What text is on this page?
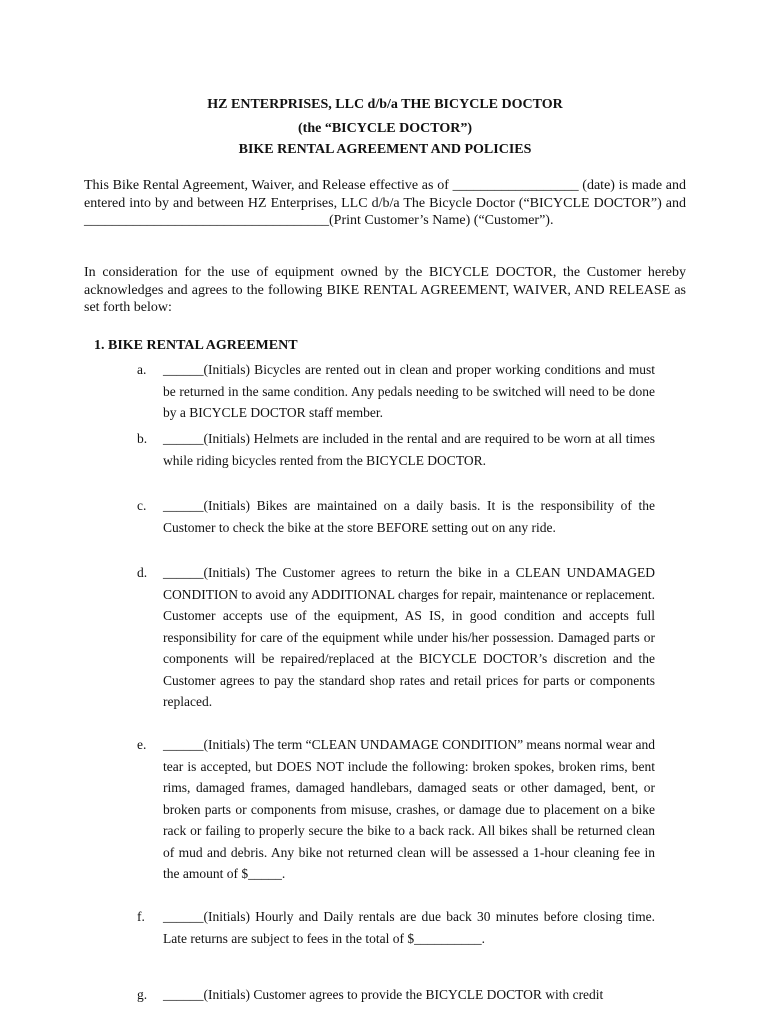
HZ ENTERPRISES, LLC d/b/a THE BICYCLE DOCTOR

(the “BICYCLE DOCTOR”)

BIKE RENTAL AGREEMENT AND POLICIES

This Bike Rental Agreement, Waiver, and Release effective as of __________________ (date) is made and entered into by and between HZ Enterprises, LLC d/b/a The Bicycle Doctor (“BICYCLE DOCTOR”) and ___________________________________(Print Customer’s Name) (“Customer”).

In consideration for the use of equipment owned by the BICYCLE DOCTOR, the Customer hereby acknowledges and agrees to the following BIKE RENTAL AGREEMENT, WAIVER, AND RELEASE as set forth below:

1. BIKE RENTAL AGREEMENT

a. ______(Initials) Bicycles are rented out in clean and proper working conditions and must be returned in the same condition. Any pedals needing to be switched will need to be done by a BICYCLE DOCTOR staff member.

b. ______(Initials) Helmets are included in the rental and are required to be worn at all times while riding bicycles rented from the BICYCLE DOCTOR.

c. ______(Initials) Bikes are maintained on a daily basis. It is the responsibility of the Customer to check the bike at the store BEFORE setting out on any ride.

d. ______(Initials) The Customer agrees to return the bike in a CLEAN UNDAMAGED CONDITION to avoid any ADDITIONAL charges for repair, maintenance or replacement. Customer accepts use of the equipment, AS IS, in good condition and accepts full responsibility for care of the equipment while under his/her possession. Damaged parts or components will be repaired/replaced at the BICYCLE DOCTOR’s discretion and the Customer agrees to pay the standard shop rates and retail prices for parts or components replaced.

e. ______(Initials) The term “CLEAN UNDAMAGE CONDITION” means normal wear and tear is accepted, but DOES NOT include the following: broken spokes, broken rims, bent rims, damaged frames, damaged handlebars, damaged seats or other damaged, bent, or broken parts or components from misuse, crashes, or damage due to placement on a bike rack or failing to properly secure the bike to a back rack. All bikes shall be returned clean of mud and debris. Any bike not returned clean will be assessed a 1-hour cleaning fee in the amount of $_____.

f. ______(Initials) Hourly and Daily rentals are due back 30 minutes before closing time. Late returns are subject to fees in the total of $__________.

g. ______(Initials) Customer agrees to provide the BICYCLE DOCTOR with credit
